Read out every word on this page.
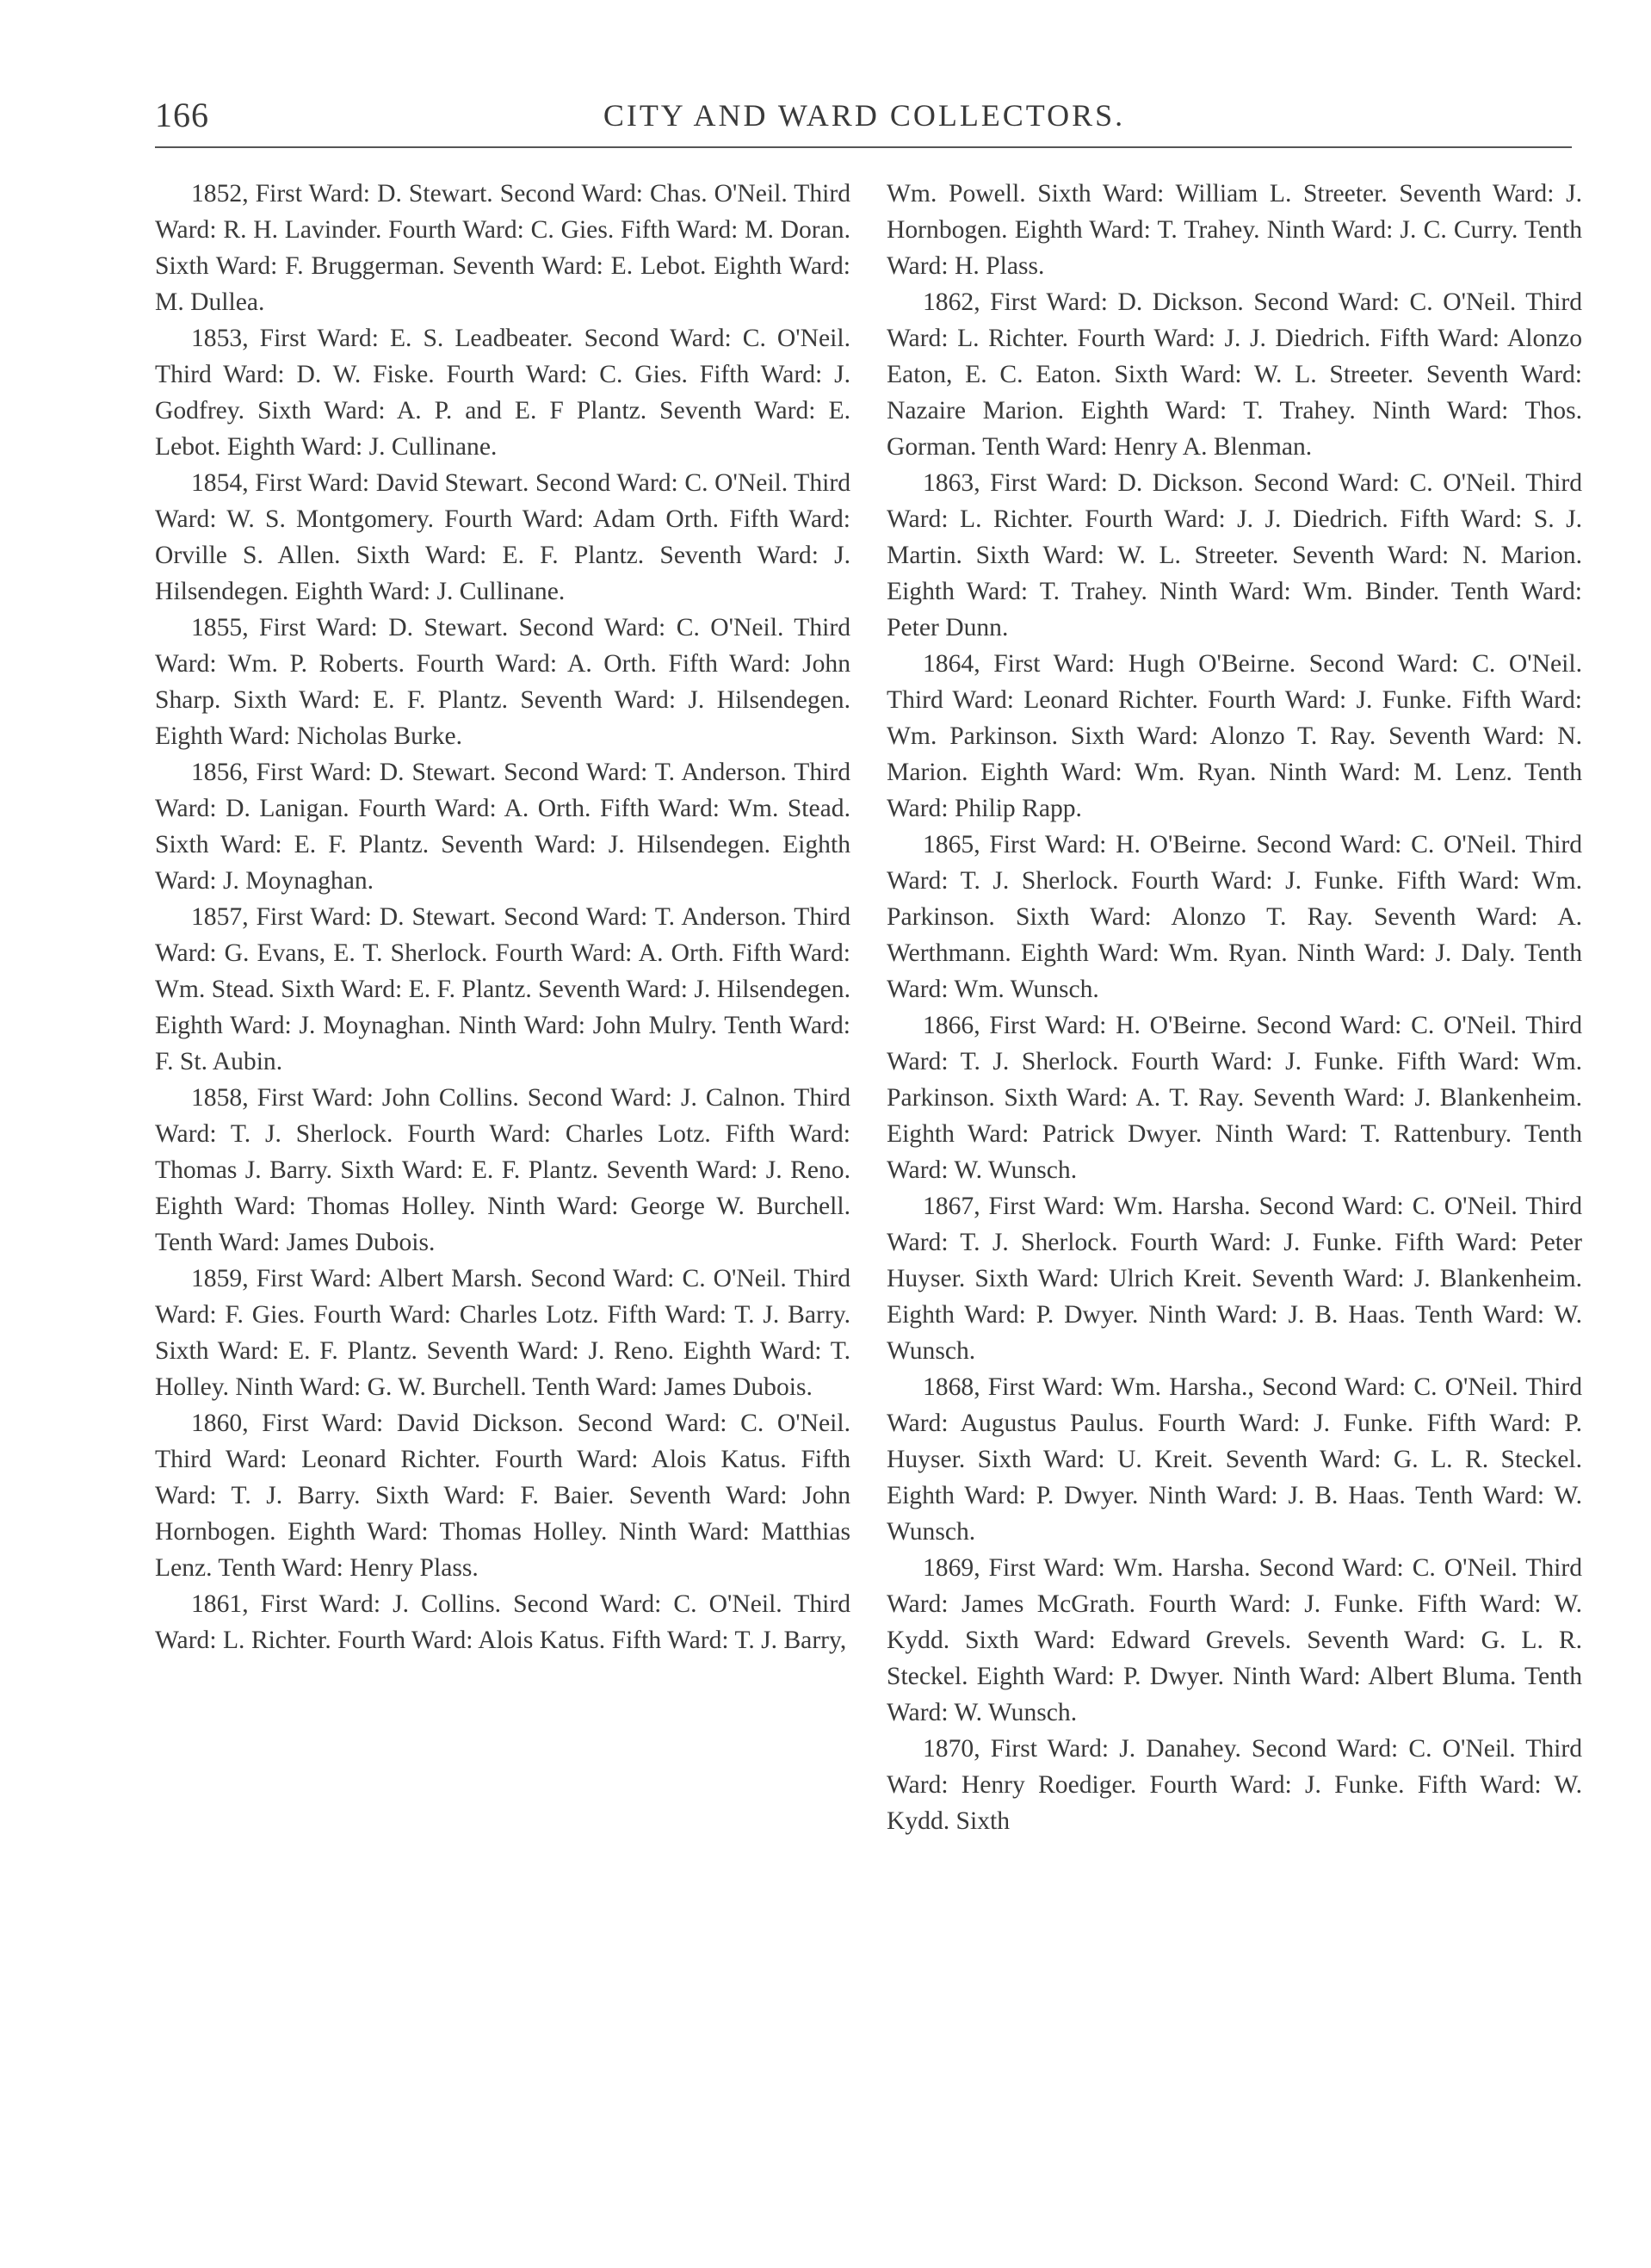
166	CITY AND WARD COLLECTORS.

1852, First Ward: D. Stewart. Second Ward: Chas. O'Neil. Third Ward: R. H. Lavinder. Fourth Ward: C. Gies. Fifth Ward: M. Doran. Sixth Ward: F. Bruggerman. Seventh Ward: E. Lebot. Eighth Ward: M. Dullea.

1853, First Ward: E. S. Leadbeater. Second Ward: C. O'Neil. Third Ward: D. W. Fiske. Fourth Ward: C. Gies. Fifth Ward: J. Godfrey. Sixth Ward: A. P. and E. F Plantz. Seventh Ward: E. Lebot. Eighth Ward: J. Cullinane.

1854, First Ward: David Stewart. Second Ward: C. O'Neil. Third Ward: W. S. Montgomery. Fourth Ward: Adam Orth. Fifth Ward: Orville S. Allen. Sixth Ward: E. F. Plantz. Seventh Ward: J. Hilsendegen. Eighth Ward: J. Cullinane.

1855, First Ward: D. Stewart. Second Ward: C. O'Neil. Third Ward: Wm. P. Roberts. Fourth Ward: A. Orth. Fifth Ward: John Sharp. Sixth Ward: E. F. Plantz. Seventh Ward: J. Hilsendegen. Eighth Ward: Nicholas Burke.

1856, First Ward: D. Stewart. Second Ward: T. Anderson. Third Ward: D. Lanigan. Fourth Ward: A. Orth. Fifth Ward: Wm. Stead. Sixth Ward: E. F. Plantz. Seventh Ward: J. Hilsendegen. Eighth Ward: J. Moynaghan.

1857, First Ward: D. Stewart. Second Ward: T. Anderson. Third Ward: G. Evans, E. T. Sherlock. Fourth Ward: A. Orth. Fifth Ward: Wm. Stead. Sixth Ward: E. F. Plantz. Seventh Ward: J. Hilsendegen. Eighth Ward: J. Moynaghan. Ninth Ward: John Mulry. Tenth Ward: F. St. Aubin.

1858, First Ward: John Collins. Second Ward: J. Calnon. Third Ward: T. J. Sherlock. Fourth Ward: Charles Lotz. Fifth Ward: Thomas J. Barry. Sixth Ward: E. F. Plantz. Seventh Ward: J. Reno. Eighth Ward: Thomas Holley. Ninth Ward: George W. Burchell. Tenth Ward: James Dubois.

1859, First Ward: Albert Marsh. Second Ward: C. O'Neil. Third Ward: F. Gies. Fourth Ward: Charles Lotz. Fifth Ward: T. J. Barry. Sixth Ward: E. F. Plantz. Seventh Ward: J. Reno. Eighth Ward: T. Holley. Ninth Ward: G. W. Burchell. Tenth Ward: James Dubois.

1860, First Ward: David Dickson. Second Ward: C. O'Neil. Third Ward: Leonard Richter. Fourth Ward: Alois Katus. Fifth Ward: T. J. Barry. Sixth Ward: F. Baier. Seventh Ward: John Hornbogen. Eighth Ward: Thomas Holley. Ninth Ward: Matthias Lenz. Tenth Ward: Henry Plass.

1861, First Ward: J. Collins. Second Ward: C. O'Neil. Third Ward: L. Richter. Fourth Ward: Alois Katus. Fifth Ward: T. J. Barry,

Wm. Powell. Sixth Ward: William L. Streeter. Seventh Ward: J. Hornbogen. Eighth Ward: T. Trahey. Ninth Ward: J. C. Curry. Tenth Ward: H. Plass.

1862, First Ward: D. Dickson. Second Ward: C. O'Neil. Third Ward: L. Richter. Fourth Ward: J. J. Diedrich. Fifth Ward: Alonzo Eaton, E. C. Eaton. Sixth Ward: W. L. Streeter. Seventh Ward: Nazaire Marion. Eighth Ward: T. Trahey. Ninth Ward: Thos. Gorman. Tenth Ward: Henry A. Blenman.

1863, First Ward: D. Dickson. Second Ward: C. O'Neil. Third Ward: L. Richter. Fourth Ward: J. J. Diedrich. Fifth Ward: S. J. Martin. Sixth Ward: W. L. Streeter. Seventh Ward: N. Marion. Eighth Ward: T. Trahey. Ninth Ward: Wm. Binder. Tenth Ward: Peter Dunn.

1864, First Ward: Hugh O'Beirne. Second Ward: C. O'Neil. Third Ward: Leonard Richter. Fourth Ward: J. Funke. Fifth Ward: Wm. Parkinson. Sixth Ward: Alonzo T. Ray. Seventh Ward: N. Marion. Eighth Ward: Wm. Ryan. Ninth Ward: M. Lenz. Tenth Ward: Philip Rapp.

1865, First Ward: H. O'Beirne. Second Ward: C. O'Neil. Third Ward: T. J. Sherlock. Fourth Ward: J. Funke. Fifth Ward: Wm. Parkinson. Sixth Ward: Alonzo T. Ray. Seventh Ward: A. Werthmann. Eighth Ward: Wm. Ryan. Ninth Ward: J. Daly. Tenth Ward: Wm. Wunsch.

1866, First Ward: H. O'Beirne. Second Ward: C. O'Neil. Third Ward: T. J. Sherlock. Fourth Ward: J. Funke. Fifth Ward: Wm. Parkinson. Sixth Ward: A. T. Ray. Seventh Ward: J. Blankenheim. Eighth Ward: Patrick Dwyer. Ninth Ward: T. Rattenbury. Tenth Ward: W. Wunsch.

1867, First Ward: Wm. Harsha. Second Ward: C. O'Neil. Third Ward: T. J. Sherlock. Fourth Ward: J. Funke. Fifth Ward: Peter Huyser. Sixth Ward: Ulrich Kreit. Seventh Ward: J. Blankenheim. Eighth Ward: P. Dwyer. Ninth Ward: J. B. Haas. Tenth Ward: W. Wunsch.

1868, First Ward: Wm. Harsha., Second Ward: C. O'Neil. Third Ward: Augustus Paulus. Fourth Ward: J. Funke. Fifth Ward: P. Huyser. Sixth Ward: U. Kreit. Seventh Ward: G. L. R. Steckel. Eighth Ward: P. Dwyer. Ninth Ward: J. B. Haas. Tenth Ward: W. Wunsch.

1869, First Ward: Wm. Harsha. Second Ward: C. O'Neil. Third Ward: James McGrath. Fourth Ward: J. Funke. Fifth Ward: W. Kydd. Sixth Ward: Edward Grevels. Seventh Ward: G. L. R. Steckel. Eighth Ward: P. Dwyer. Ninth Ward: Albert Bluma. Tenth Ward: W. Wunsch.

1870, First Ward: J. Danahey. Second Ward: C. O'Neil. Third Ward: Henry Roediger. Fourth Ward: J. Funke. Fifth Ward: W. Kydd. Sixth
